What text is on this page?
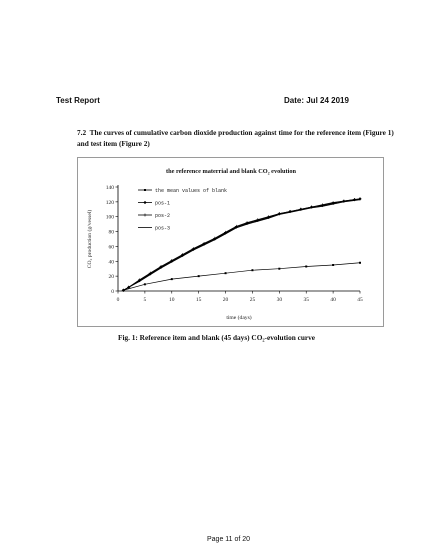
Test Report	Date: Jul 24 2019
7.2 The curves of cumulative carbon dioxide production against time for the reference item (Figure 1) and test item (Figure 2)
the reference materrial and blank CO₂ evolution
0	5	10	15	20	25	30	35	40	45
0
20
40
60
80
100
120
140
time (days)
CO₂ production (g/vessel)
the mean values of blank
pos-1
pos-2
pos-3
Fig. 1: Reference item and blank (45 days) CO₂-evolution curve
Page 11 of 20
